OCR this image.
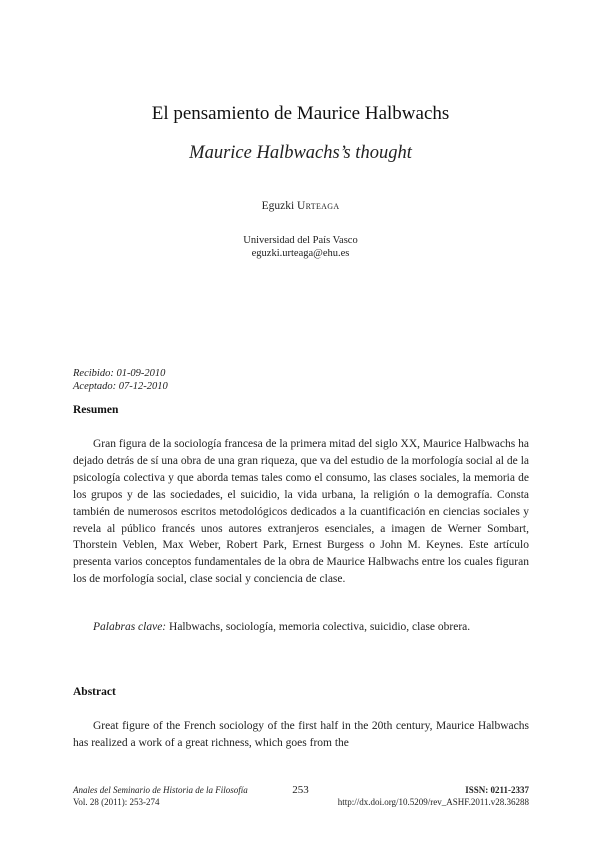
El pensamiento de Maurice Halbwachs
Maurice Halbwachs’s thought
Eguzki Urteaga
Universidad del País Vasco
eguzki.urteaga@ehu.es
Recibido: 01-09-2010
Aceptado: 07-12-2010
Resumen

Gran figura de la sociología francesa de la primera mitad del siglo XX, Maurice Halbwachs ha dejado detrás de sí una obra de una gran riqueza, que va del estudio de la morfología social al de la psicología colectiva y que aborda temas tales como el consumo, las clases sociales, la memoria de los grupos y de las sociedades, el suicidio, la vida urbana, la religión o la demografía. Consta también de numerosos escritos metodológicos dedicados a la cuantificación en ciencias sociales y revela al público francés unos autores extranjeros esenciales, a imagen de Werner Sombart, Thorstein Veblen, Max Weber, Robert Park, Ernest Burgess o John M. Keynes. Este artículo presenta varios conceptos fundamentales de la obra de Maurice Halbwachs entre los cuales figuran los de morfología social, clase social y conciencia de clase.

Palabras clave: Halbwachs, sociología, memoria colectiva, suicidio, clase obrera.

Abstract

Great figure of the French sociology of the first half in the 20th century, Maurice Halbwachs has realized a work of a great richness, which goes from the

Anales del Seminario de Historia de la Filosofía
Vol. 28 (2011): 253-274
253	ISSN: 0211-2337
http://dx.doi.org/10.5209/rev_ASHF.2011.v28.36288
